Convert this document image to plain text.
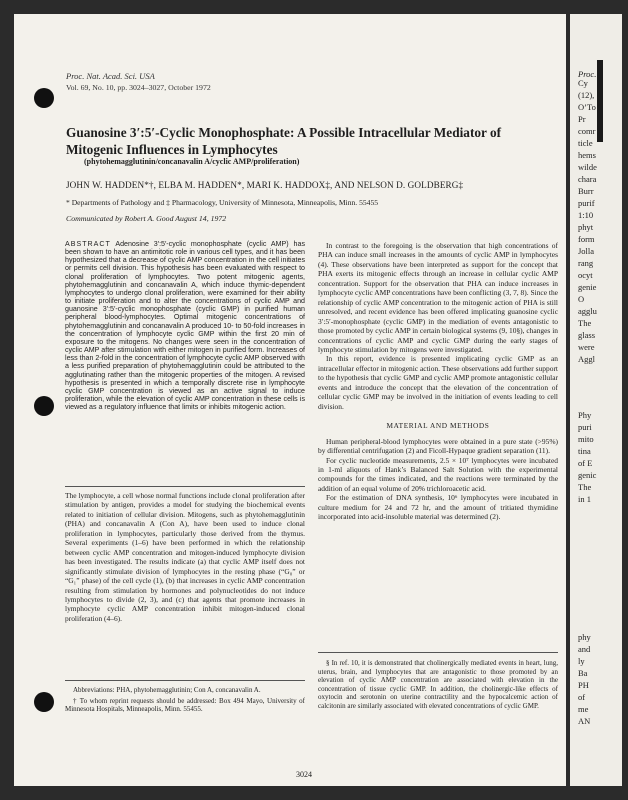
Proc. Nat. Acad. Sci. USA
Vol. 69, No. 10, pp. 3024–3027, October 1972
Guanosine 3′:5′-Cyclic Monophosphate: A Possible Intracellular Mediator of Mitogenic Influences in Lymphocytes
(phytohemagglutinin/concanavalin A/cyclic AMP/proliferation)
JOHN W. HADDEN*†, ELBA M. HADDEN*, MARI K. HADDOX‡, AND NELSON D. GOLDBERG‡
* Departments of Pathology and ‡ Pharmacology, University of Minnesota, Minneapolis, Minn. 55455
Communicated by Robert A. Good August 14, 1972
ABSTRACT Adenosine 3′:5′-cyclic monophosphate (cyclic AMP) has been shown to have an antimitotic role in various cell types, and it has been hypothesized that a decrease of cyclic AMP concentration in the cell initiates or permits cell division. This hypothesis has been evaluated with respect to clonal proliferation of lymphocytes. Two potent mitogenic agents, phytohemagglutinin and concanavalin A, which induce thymic-dependent lymphocytes to undergo clonal proliferation, were examined for their ability to initiate proliferation and to alter the concentrations of cyclic AMP and guanosine 3′:5′-cyclic monophosphate (cyclic GMP) in purified human peripheral blood-lymphocytes. Optimal mitogenic concentrations of phytohemagglutinin and concanavalin A produced 10- to 50-fold increases in the concentration of lymphocyte cyclic GMP within the first 20 min of exposure to the mitogens. No changes were seen in the concentration of cyclic AMP after stimulation with either mitogen in purified form. Increases of less than 2-fold in the concentration of lymphocyte cyclic AMP observed with a less purified preparation of phytohemagglutinin could be attributed to the agglutinating rather than the mitogenic properties of the mitogen. A revised hypothesis is presented in which a temporally discrete rise in lymphocyte cyclic GMP concentration is viewed as an active signal to induce proliferation, while the elevation of cyclic AMP concentration in these cells is viewed as a regulatory influence that limits or inhibits mitogenic action.

The lymphocyte, a cell whose normal functions include clonal proliferation after stimulation by antigen, provides a model for studying the biochemical events related to initiation of cellular division. Mitogens, such as phytohemagglutinin (PHA) and concanavalin A (Con A), have been used to induce clonal proliferation in lymphocytes, particularly those derived from the thymus. Several experiments (1–6) have been performed in which the relationship between cyclic AMP concentration and mitogen-induced lymphocyte division has been investigated. The results indicate (a) that cyclic AMP itself does not significantly stimulate division of lymphocytes in the resting phase (“G₀” or “G₁” phase) of the cell cycle (1), (b) that increases in cyclic AMP concentration resulting from stimulation by hormones and polynucleotides do not induce lymphocytes to divide (2, 3), and (c) that agents that promote increases in lymphocyte cyclic AMP concentration inhibit mitogen-induced clonal proliferation (4–6).

Abbreviations: PHA, phytohemagglutinin; Con A, concanavalin A.

† To whom reprint requests should be addressed: Box 494 Mayo, University of Minnesota Hospitals, Minneapolis, Minn. 55455.

In contrast to the foregoing is the observation that high concentrations of PHA can induce small increases in the amounts of cyclic AMP in lymphocytes (4). These observations have been interpreted as support for the concept that PHA exerts its mitogenic effects through an increase in cellular cyclic AMP concentration. Support for the observation that PHA can induce increases in lymphocyte cyclic AMP concentrations have been conflicting (3, 7, 8). Since the relationship of cyclic AMP concentration to the mitogenic action of PHA is still unresolved, and recent evidence has been offered implicating guanosine cyclic 3′:5′-monophosphate (cyclic GMP) in the mediation of events antagonistic to those promoted by cyclic AMP in certain biological systems (9, 10§), changes in concentrations of cyclic AMP and cyclic GMP during the early stages of lymphocyte stimulation by mitogens were investigated.

In this report, evidence is presented implicating cyclic GMP as an intracellular effector in mitogenic action. These observations add further support to the hypothesis that cyclic GMP and cyclic AMP promote antagonistic cellular events and introduce the concept that the elevation of the concentration of cellular cyclic GMP may be involved in the initiation of events leading to cell division.

MATERIAL AND METHODS

Human peripheral-blood lymphocytes were obtained in a pure state (>95%) by differential centrifugation (2) and Ficoll-Hypaque gradient separation (11).

For cyclic nucleotide measurements, 2.5 × 10⁷ lymphocytes were incubated in 1-ml aliquots of Hank’s Balanced Salt Solution with the experimental compounds for the times indicated, and the reactions were terminated by the addition of an equal volume of 20% trichloroacetic acid.

For the estimation of DNA synthesis, 10⁶ lymphocytes were incubated in culture medium for 24 and 72 hr, and the amount of tritiated thymidine incorporated into acid-insoluble material was determined (2).

§ In ref. 10, it is demonstrated that cholinergically mediated events in heart, lung, uterus, brain, and lymphocytes that are antagonistic to those promoted by an elevation of cyclic AMP concentration are associated with elevation in the concentration of tissue cyclic GMP. In addition, the cholinergic-like effects of oxytocin and serotonin on uterine contractility and the hypocalcemic action of calcitonin are similarly associated with elevated concentrations of cyclic GMP.

3024
Proc.
Cy
(12),
O’To
Pr
comr
ticle
hems
wilde
chara
Burr
purif
1:10
phyt
form
Jolla
rang
ocyt
genie
O
agglu
The
glass
were
Aggl
Phy
puri
mito
tina
of E
genic
The
in 1
phy
and
ly
Ba
PH
of
me
AN
